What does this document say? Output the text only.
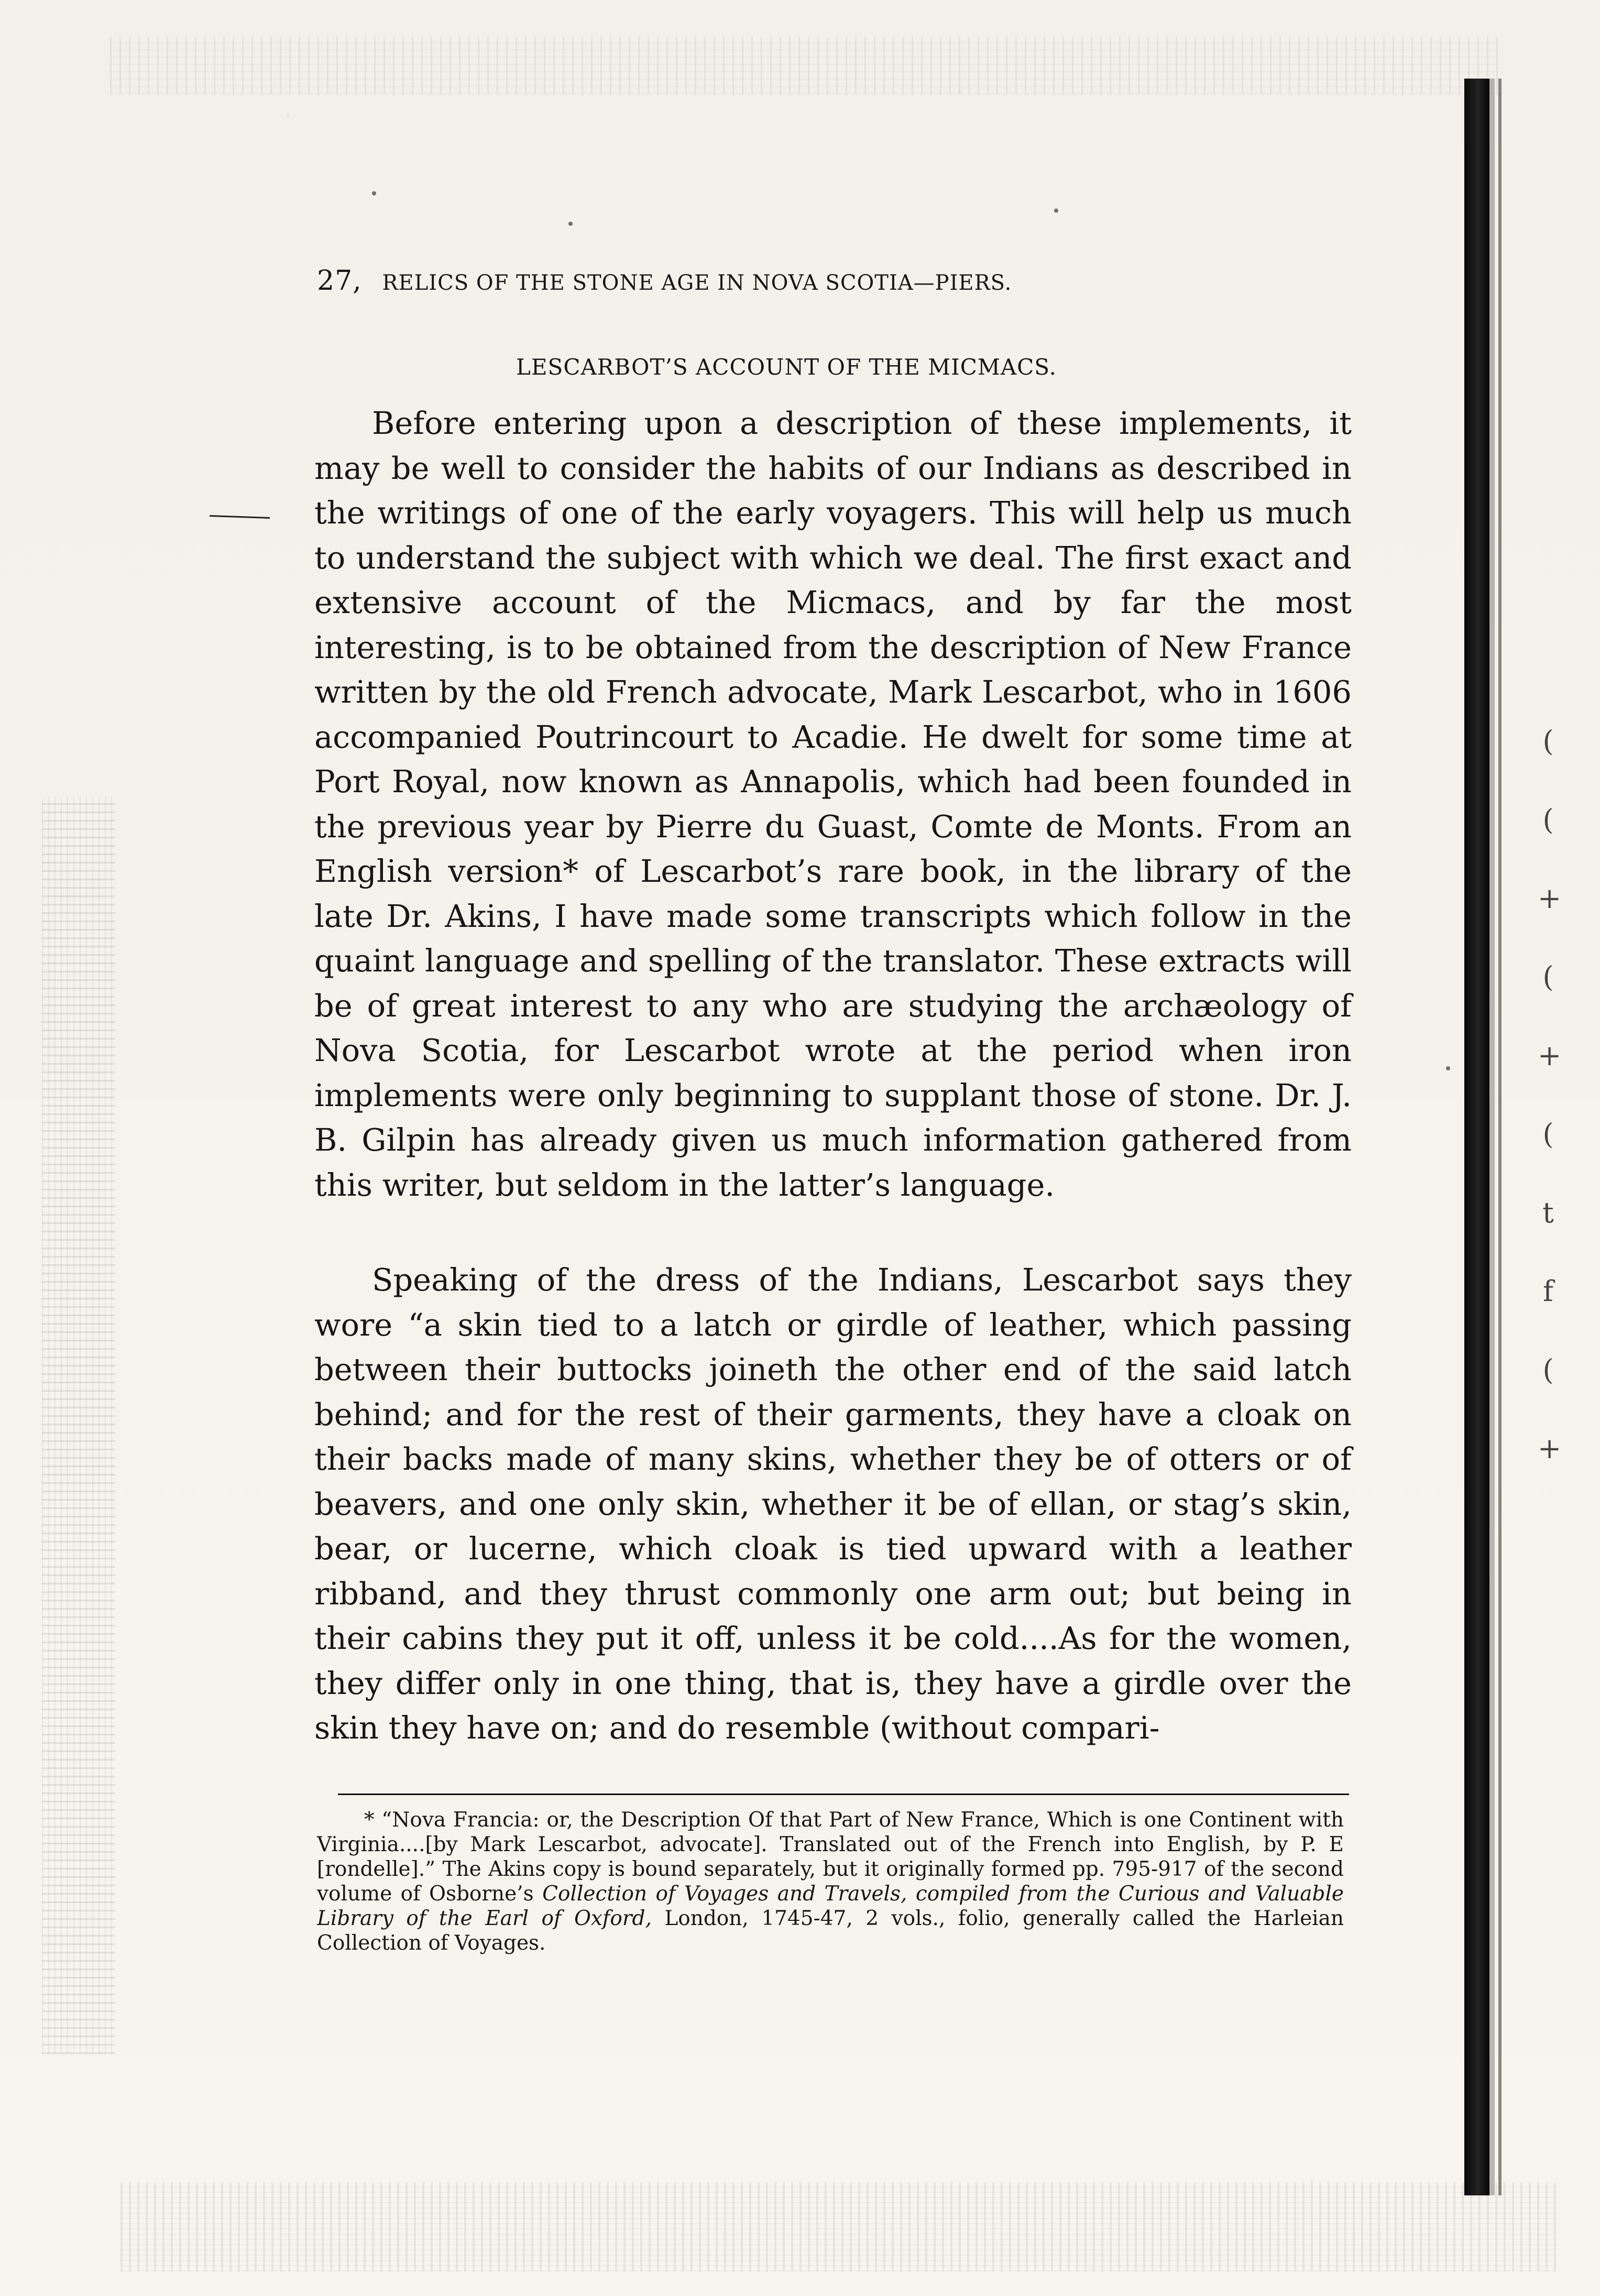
(
(
+
(
+
(
t
f
(
+
27, RELICS OF THE STONE AGE IN NOVA SCOTIA—PIERS.
LESCARBOT’S ACCOUNT OF THE MICMACS.

Before entering upon a description of these implements, it may be well to consider the habits of our Indians as described in the writings of one of the early voyagers. This will help us much to understand the subject with which we deal. The first exact and extensive account of the Micmacs, and by far the most interesting, is to be obtained from the description of New France written by the old French advocate, Mark Lescarbot, who in 1606 accompanied Poutrincourt to Acadie. He dwelt for some time at Port Royal, now known as Annapolis, which had been founded in the previous year by Pierre du Guast, Comte de Monts. From an English version* of Lescarbot’s rare book, in the library of the late Dr. Akins, I have made some transcripts which follow in the quaint language and spelling of the translator. These extracts will be of great interest to any who are studying the archæology of Nova Scotia, for Lescarbot wrote at the period when iron implements were only beginning to supplant those of stone. Dr. J. B. Gilpin has already given us much information gathered from this writer, but seldom in the latter’s language.

Speaking of the dress of the Indians, Lescarbot says they wore “a skin tied to a latch or girdle of leather, which passing between their buttocks joineth the other end of the said latch behind; and for the rest of their garments, they have a cloak on their backs made of many skins, whether they be of otters or of beavers, and one only skin, whether it be of ellan, or stag’s skin, bear, or lucerne, which cloak is tied upward with a leather ribband, and they thrust commonly one arm out; but being in their cabins they put it off, unless it be cold....As for the women, they differ only in one thing, that is, they have a girdle over the skin they have on; and do resemble (without compari-

* “Nova Francia: or, the Description Of that Part of New France, Which is one Continent with Virginia....[by Mark Lescarbot, advocate]. Translated out of the French into English, by P. E [rondelle].” The Akins copy is bound separately, but it originally formed pp. 795-917 of the second volume of Osborne’s Collection of Voyages and Travels, compiled from the Curious and Valuable Library of the Earl of Oxford, London, 1745-47, 2 vols., folio, generally called the Harleian Collection of Voyages.
